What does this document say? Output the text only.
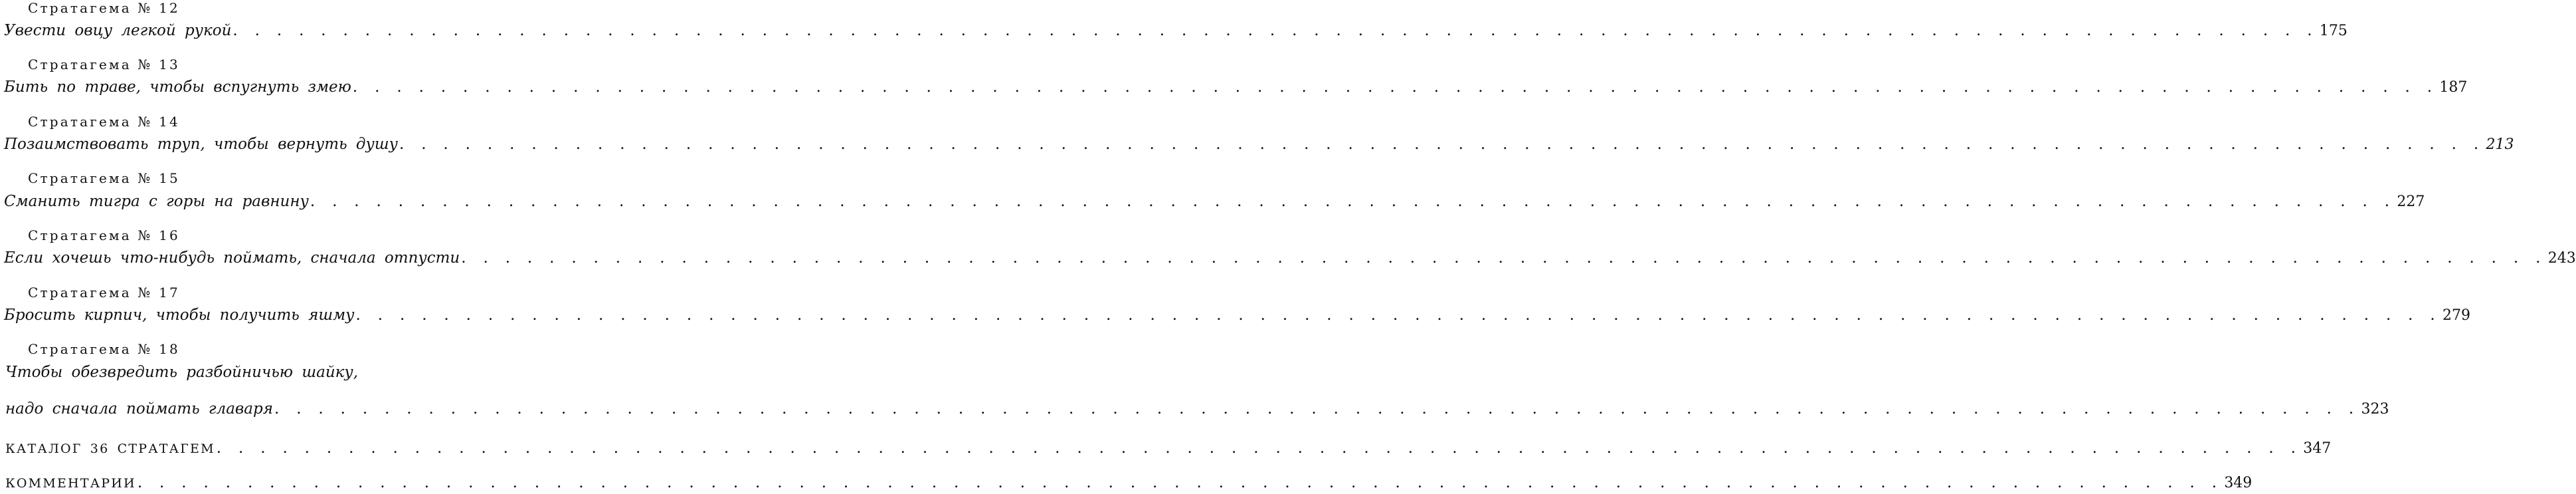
Стратагема № 12
Увести овцу легкой рукой . . . . . . . . . . . . . . . . . . . . . . . . . . . . . . . . . . . . . . . . . . . . . . . . . . . . . . . . . . . . . . . . . . . . . . . . . . . . . . . . . . . . . . . . . . . . . . . 175
Стратагема № 13
Бить по траве, чтобы вспугнуть змею . . . . . . . . . . . . . . . . . . . . . . . . . . . . . . . . . . . . . . . . . . . . . . . . . . . . . . . . . . . . . . . . . . . . . . . . . . . . . . . . . . . . . . . . . . . . . . . 187
Стратагема № 14
Позаимствовать труп, чтобы вернуть душу . . . . . . . . . . . . . . . . . . . . . . . . . . . . . . . . . . . . . . . . . . . . . . . . . . . . . . . . . . . . . . . . . . . . . . . . . . . . . . . . . . . . . . . . . . . . . . . 213
Стратагема № 15
Сманить тигра с горы на равнину . . . . . . . . . . . . . . . . . . . . . . . . . . . . . . . . . . . . . . . . . . . . . . . . . . . . . . . . . . . . . . . . . . . . . . . . . . . . . . . . . . . . . . . . . . . . . . . 227
Стратагема № 16
Если хочешь что-нибудь поймать, сначала отпусти . . . . . . . . . . . . . . . . . . . . . . . . . . . . . . . . . . . . . . . . . . . . . . . . . . . . . . . . . . . . . . . . . . . . . . . . . . . . . . . . . . . . . . . . . . . . . . . 243
Стратагема № 17
Бросить кирпич, чтобы получить яшму . . . . . . . . . . . . . . . . . . . . . . . . . . . . . . . . . . . . . . . . . . . . . . . . . . . . . . . . . . . . . . . . . . . . . . . . . . . . . . . . . . . . . . . . . . . . . . . 279
Стратагема № 18
Чтобы обезвредить разбойничью шайку,
надо сначала поймать главаря . . . . . . . . . . . . . . . . . . . . . . . . . . . . . . . . . . . . . . . . . . . . . . . . . . . . . . . . . . . . . . . . . . . . . . . . . . . . . . . . . . . . . . . . . . . . . . . 323
КАТАЛОГ 36 СТРАТАГЕМ . . . . . . . . . . . . . . . . . . . . . . . . . . . . . . . . . . . . . . . . . . . . . . . . . . . . . . . . . . . . . . . . . . . . . . . . . . . . . . . . . . . . . . . . . . . . . . . 347
КОММЕНТАРИИ . . . . . . . . . . . . . . . . . . . . . . . . . . . . . . . . . . . . . . . . . . . . . . . . . . . . . . . . . . . . . . . . . . . . . . . . . . . . . . . . . . . . . . . . . . . . . . . 349
